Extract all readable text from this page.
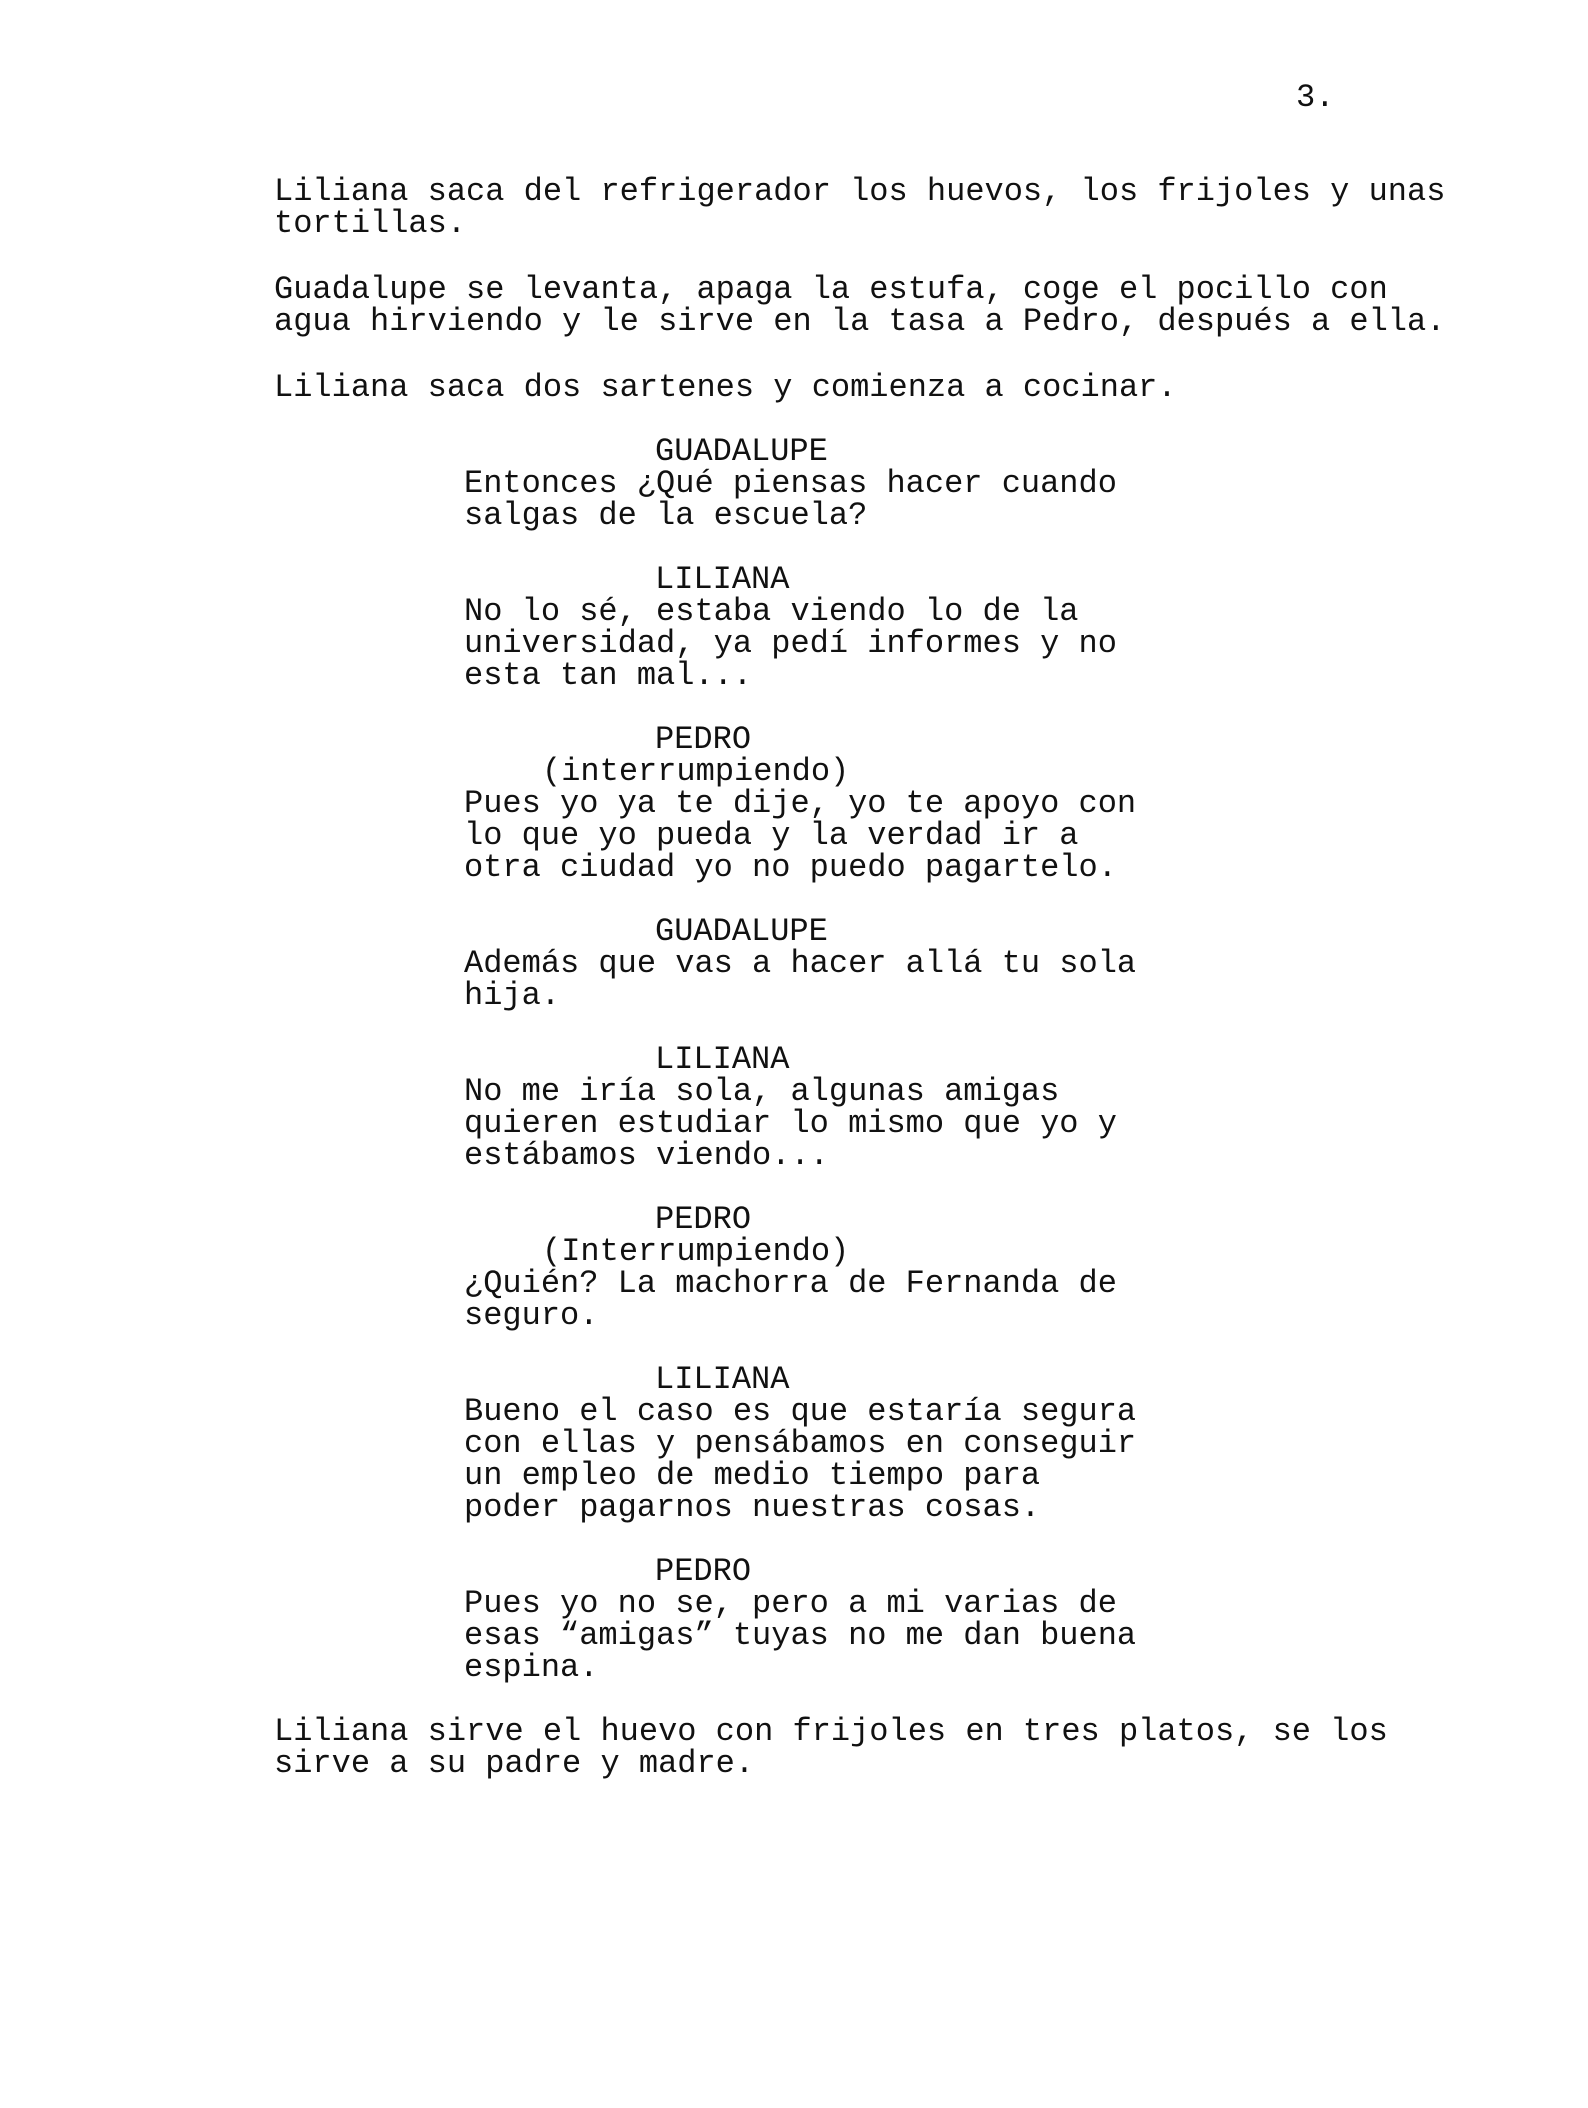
3.
Liliana saca del refrigerador los huevos, los frijoles y unas
tortillas.
Guadalupe se levanta, apaga la estufa, coge el pocillo con
agua hirviendo y le sirve en la tasa a Pedro, después a ella.
Liliana saca dos sartenes y comienza a cocinar.
GUADALUPE
Entonces ¿Qué piensas hacer cuando
salgas de la escuela?
LILIANA
No lo sé, estaba viendo lo de la
universidad, ya pedí informes y no
esta tan mal...
PEDRO
(interrumpiendo)
Pues yo ya te dije, yo te apoyo con
lo que yo pueda y la verdad ir a
otra ciudad yo no puedo pagartelo.
GUADALUPE
Además que vas a hacer allá tu sola
hija.
LILIANA
No me iría sola, algunas amigas
quieren estudiar lo mismo que yo y
estábamos viendo...
PEDRO
(Interrumpiendo)
¿Quién? La machorra de Fernanda de
seguro.
LILIANA
Bueno el caso es que estaría segura
con ellas y pensábamos en conseguir
un empleo de medio tiempo para
poder pagarnos nuestras cosas.
PEDRO
Pues yo no se, pero a mi varias de
esas “amigas” tuyas no me dan buena
espina.
Liliana sirve el huevo con frijoles en tres platos, se los
sirve a su padre y madre.
